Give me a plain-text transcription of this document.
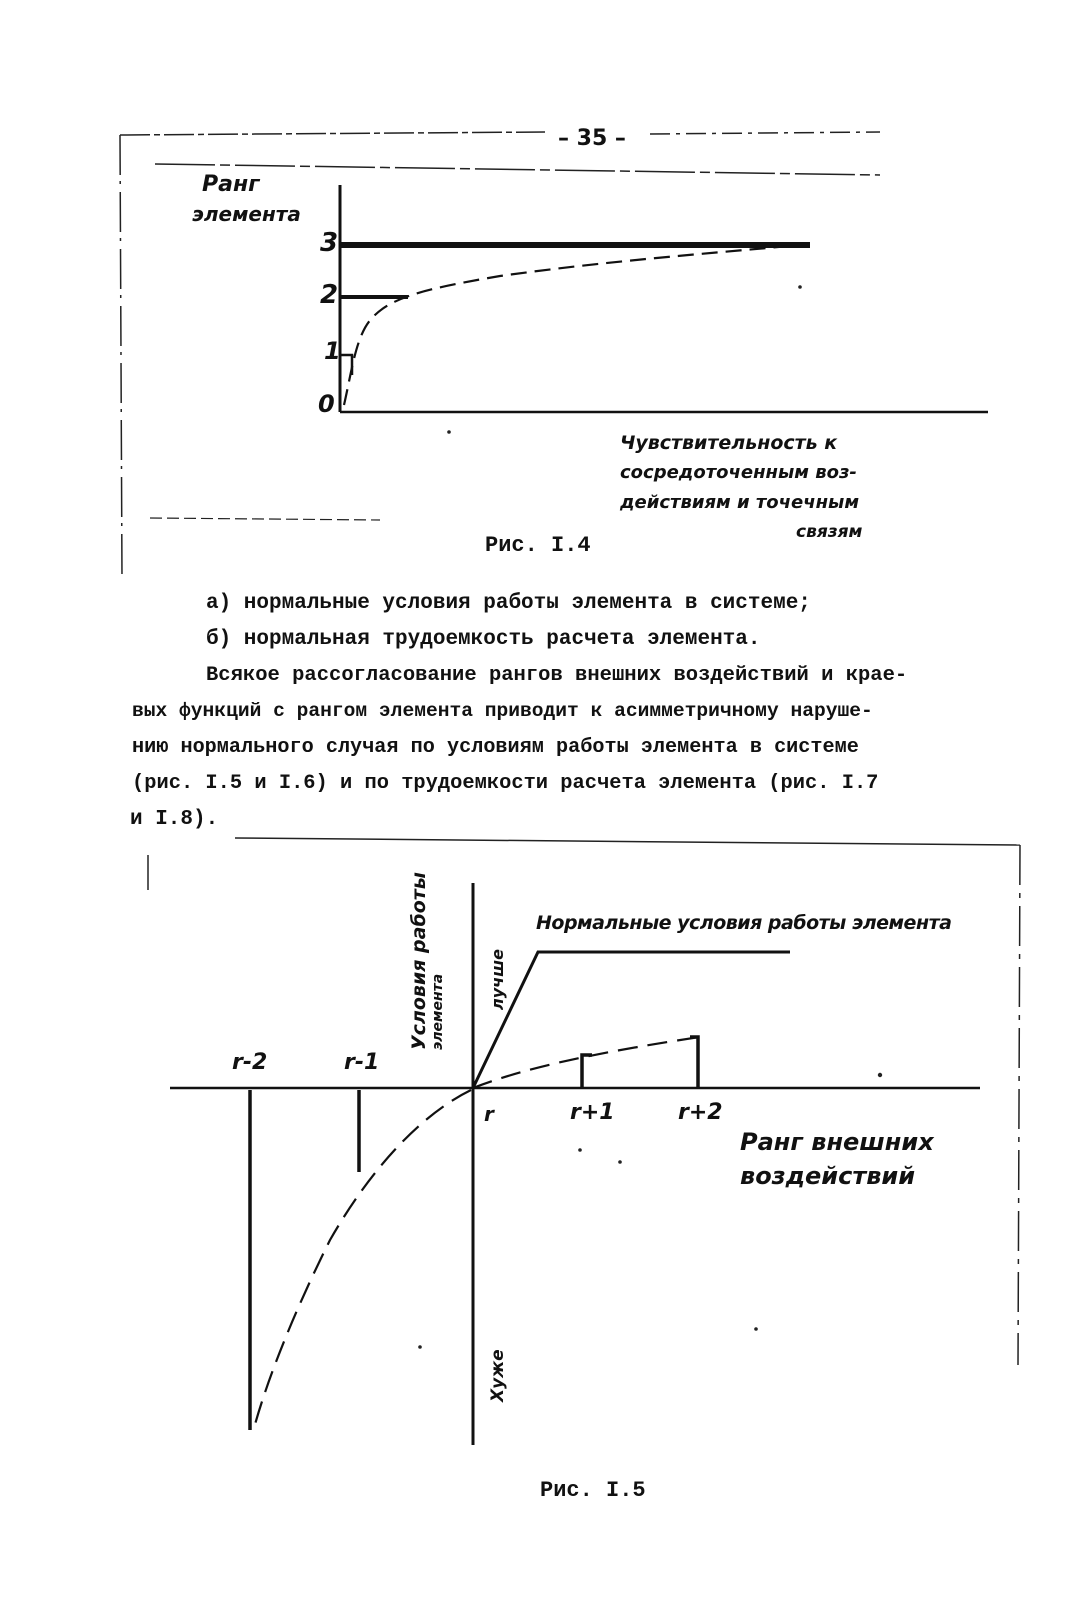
– 35 –
Ранг
элемента
3
2
1
0
Чувствительность к
сосредоточенным воз-
действиям и точечным
связям
Рис. I.4
а) нормальные условия работы элемента в системе;
б) нормальная трудоемкость расчета элемента.
Всякое рассогласование рангов внешних воздействий и крае-
вых функций с рангом элемента приводит к асимметричному наруше-
нию нормального случая по условиям работы элемента в системе
(рис. I.5 и I.6) и по трудоемкости расчета элемента (рис. I.7
и I.8).
Условия работы элемента	лучше
Хуже
Нормальные условия работы элемента
r-2	r-1
r	r+1	r+2
Ранг внешних
воздействий
Рис. I.5
